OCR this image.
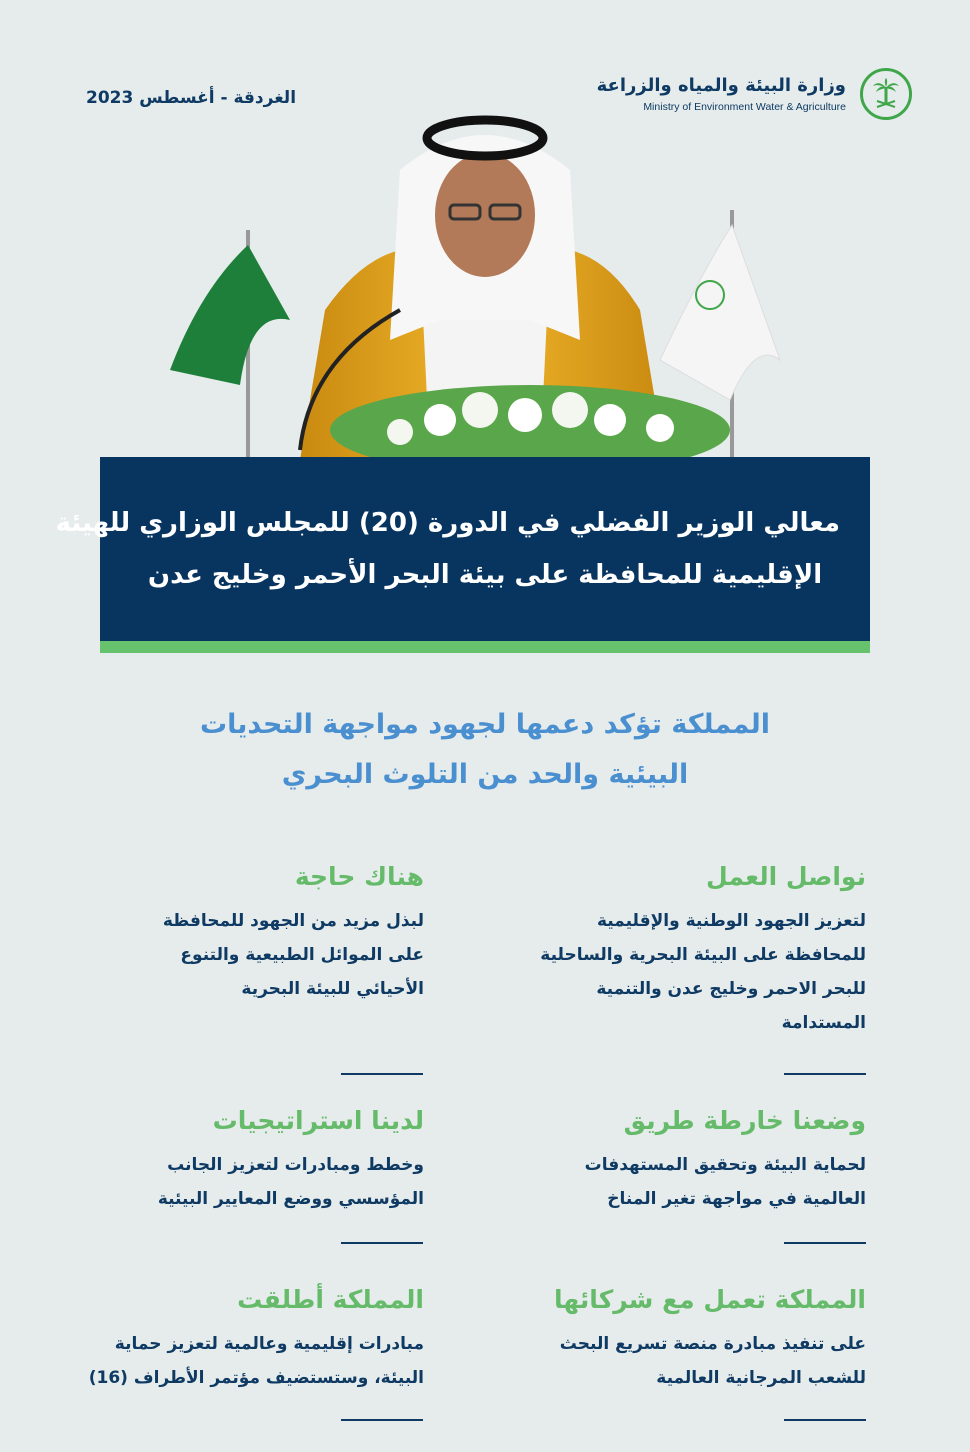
الغردقة - أغسطس 2023
وزارة البيئة والمياه والزراعة
Ministry of Environment Water & Agriculture
معالي الوزير الفضلي في الدورة (20) للمجلس الوزاري للهيئة
الإقليمية للمحافظة على بيئة البحر الأحمر وخليج عدن
المملكة تؤكد دعمها لجهود مواجهة التحديات
البيئية والحد من التلوث البحري
نواصل العمل
لتعزيز الجهود الوطنية والإقليمية
للمحافظة على البيئة البحرية والساحلية
للبحر الاحمر وخليج عدن والتنمية
المستدامة
هناك حاجة
لبذل مزيد من الجهود للمحافظة
على الموائل الطبيعية والتنوع
الأحيائي للبيئة البحرية
وضعنا خارطة طريق
لحماية البيئة وتحقيق المستهدفات
العالمية في مواجهة تغير المناخ
لدينا استراتيجيات
وخطط ومبادرات لتعزيز الجانب
المؤسسي ووضع المعايير البيئية
المملكة تعمل مع شركائها
على تنفيذ مبادرة منصة تسريع البحث
للشعب المرجانية العالمية
المملكة أطلقت
مبادرات إقليمية وعالمية لتعزيز حماية
البيئة، وستستضيف مؤتمر الأطراف (16)
